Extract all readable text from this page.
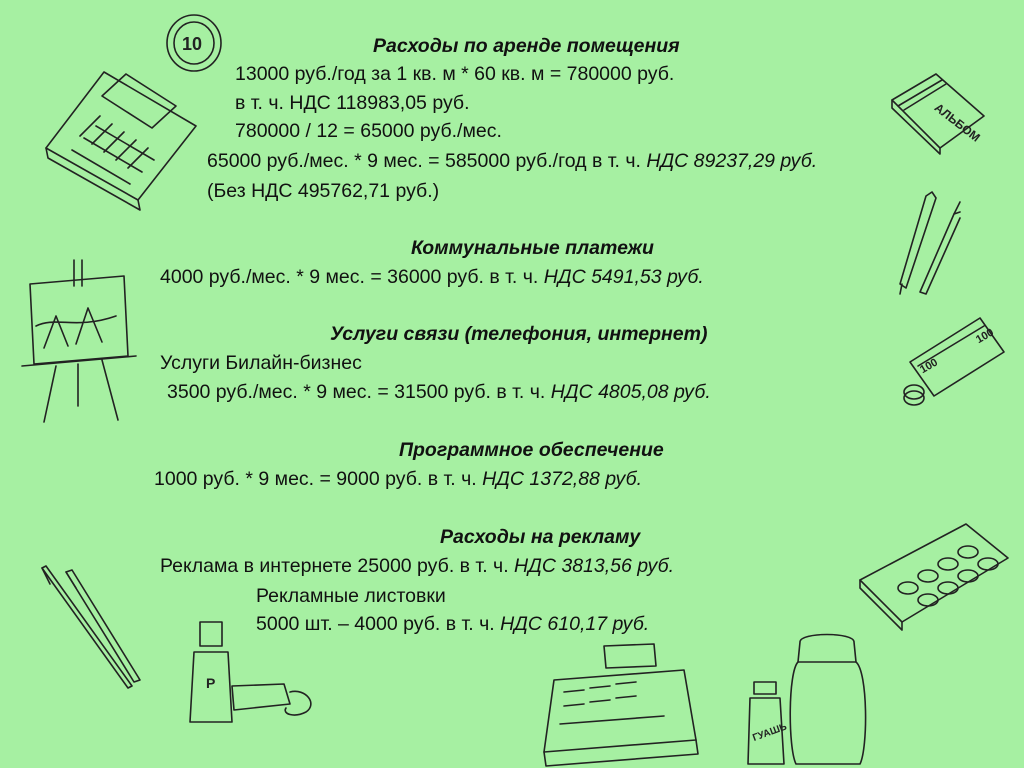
10
АЛЬБОМ
100
100
P
ГУАШЬ
Расходы по аренде помещения
13000 руб./год за 1 кв. м * 60 кв. м = 780000 руб.
в т. ч. НДС 118983,05 руб.
780000 / 12 = 65000 руб./мес.
65000 руб./мес. * 9 мес. = 585000 руб./год в т. ч. НДС 89237,29 руб.
(Без НДС 495762,71 руб.)
Коммунальные платежи
4000 руб./мес. * 9 мес. = 36000 руб. в т. ч. НДС 5491,53 руб.
Услуги связи (телефония, интернет)
Услуги Билайн-бизнес
3500 руб./мес. * 9 мес. = 31500 руб. в т. ч. НДС 4805,08 руб.
Программное обеспечение
1000 руб. * 9 мес. = 9000 руб. в т. ч. НДС 1372,88 руб.
Расходы на рекламу
Реклама в интернете 25000 руб. в т. ч. НДС 3813,56 руб.
Рекламные листовки
5000 шт. – 4000 руб. в т. ч. НДС 610,17 руб.
